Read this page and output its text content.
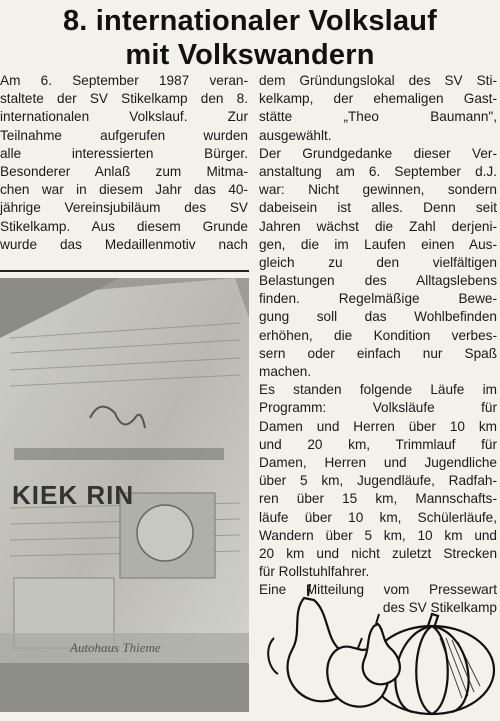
8. internationaler Volkslauf
mit Volkswandern
Am 6. September 1987 veran-
staltete der SV Stikelkamp den 8.
internationalen Volkslauf. Zur
Teilnahme aufgerufen wurden
alle interessierten Bürger.
Besonderer Anlaß zum Mitma-
chen war in diesem Jahr das 40-
jährige Vereinsjubiläum des SV
Stikelkamp. Aus diesem Grunde
wurde das Medaillenmotiv nach
KIEK RIN
Autohaus Thieme
dem Gründungslokal des SV Sti-
kelkamp, der ehemaligen Gast-
stätte „Theo Baumann",
ausgewählt.
Der Grundgedanke dieser Ver-
anstaltung am 6. September d.J.
war: Nicht gewinnen, sondern
dabeisein ist alles. Denn seit
Jahren wächst die Zahl derjeni-
gen, die im Laufen einen Aus-
gleich zu den vielfältigen
Belastungen des Alltagslebens
finden. Regelmäßige Bewe-
gung soll das Wohlbefinden
erhöhen, die Kondition verbes-
sern oder einfach nur Spaß
machen.
Es standen folgende Läufe im
Programm: Volksläufe für
Damen und Herren über 10 km
und 20 km, Trimmlauf für
Damen, Herren und Jugendliche
über 5 km, Jugendläufe, Radfah-
ren über 15 km, Mannschafts-
läufe über 10 km, Schülerläufe,
Wandern über 5 km, 10 km und
20 km und nicht zuletzt Strecken
für Rollstuhlfahrer.
Eine Mitteilung vom Pressewart
des SV Stikelkamp
